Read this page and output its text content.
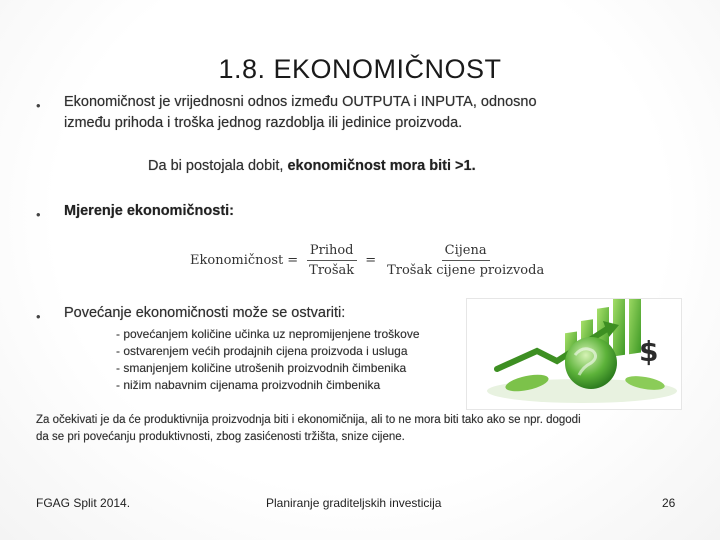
1.8. EKONOMIČNOST
• Ekonomičnost je vrijednosni odnos između OUTPUTA i INPUTA, odnosno
između prihoda i troška jednog razdoblja ili jedinice proizvoda.
Da bi postojala dobit, ekonomičnost mora biti >1.
• Mjerenje ekonomičnosti:
Ekonomičnost = $\frac{\text{Prihod}}{\text{Trošak}} = \frac{\text{Cijena}}{\text{Trošak cijene proizvoda}}$
• Povećanje ekonomičnosti može se ostvariti:
- povećanjem količine učinka uz nepromijenjene troškove
- ostvarenjem većih prodajnih cijena proizvoda i usluga
- smanjenjem količine utrošenih proizvodnih čimbenika
- nižim nabavnim cijenama proizvodnih čimbenika
$
Za očekivati je da će produktivnija proizvodnja biti i ekonomičnija, ali to ne mora biti tako ako se npr. dogodi
da se pri povećanju produktivnosti, zbog zasićenosti tržišta, snize cijene.
FGAG Split 2014.	Planiranje graditeljskih investicija	26
